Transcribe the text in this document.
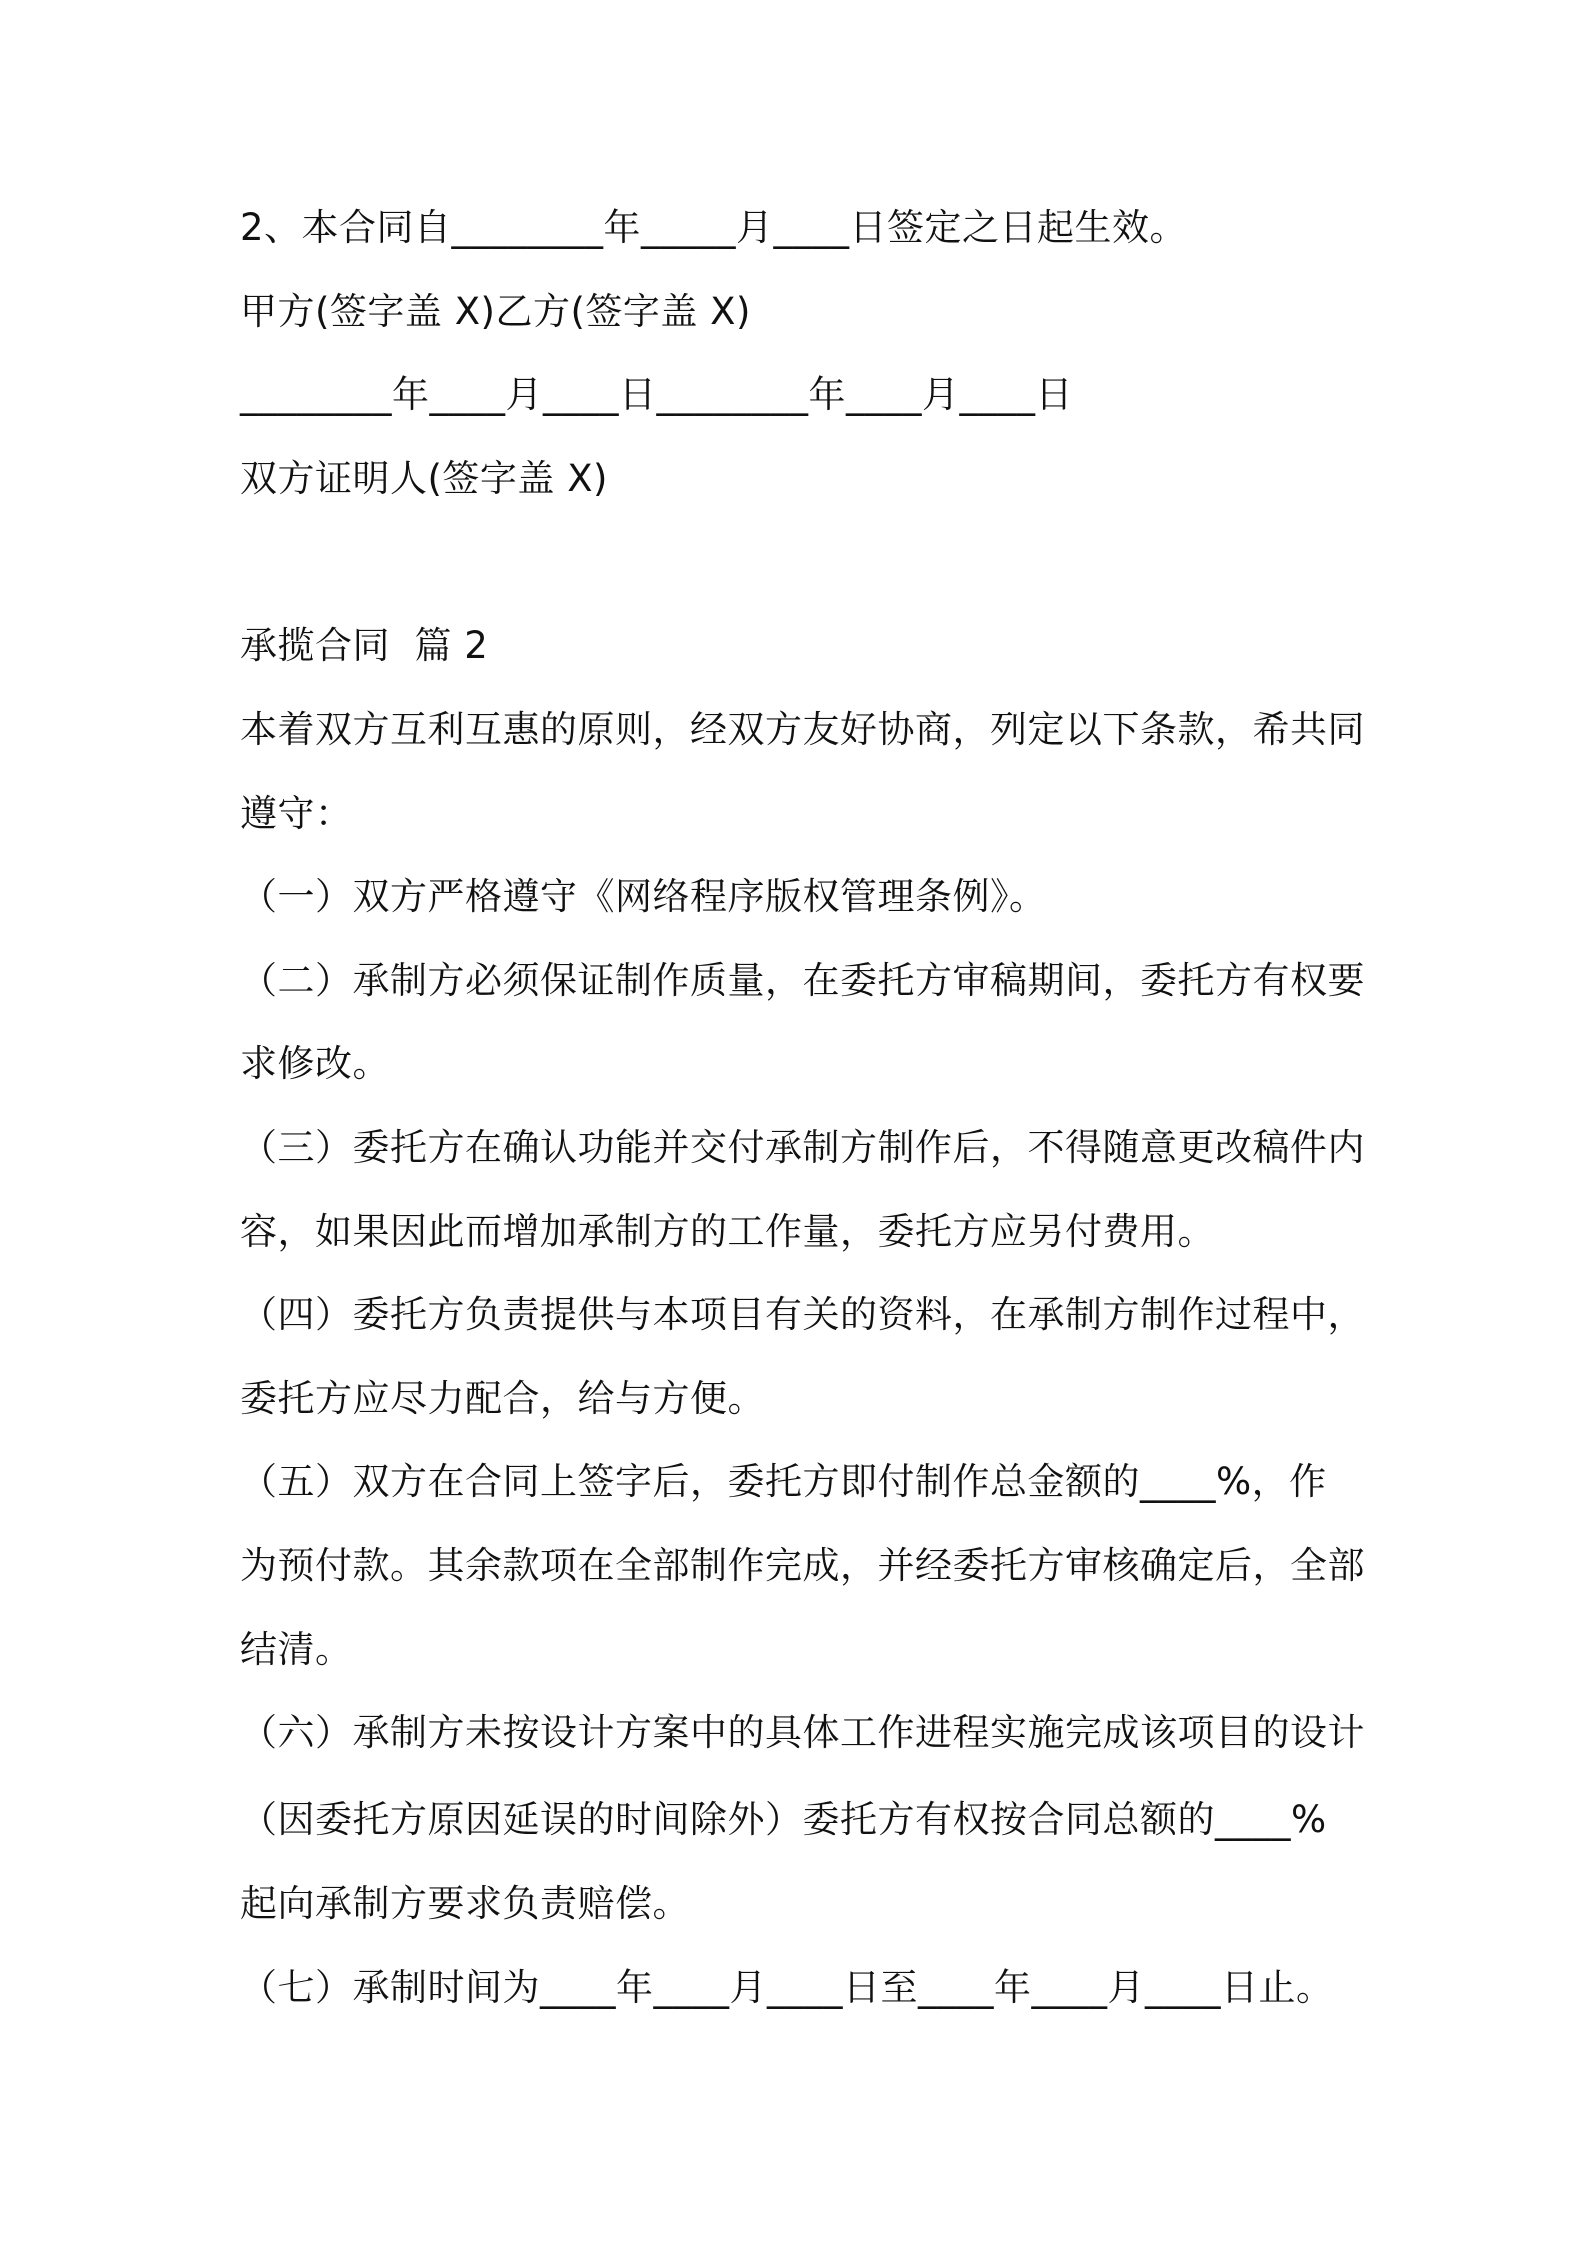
2、本合同自________年_____月____日签定之日起生效。

甲方(签字盖 X)乙方(签字盖 X)

________年____月____日________年____月____日

双方证明人(签字盖 X)

承揽合同  篇 2

本着双方互利互惠的原则，经双方友好协商，列定以下条款，希共同

遵守：

（一）双方严格遵守《网络程序版权管理条例》。

（二）承制方必须保证制作质量，在委托方审稿期间，委托方有权要

求修改。

（三）委托方在确认功能并交付承制方制作后，不得随意更改稿件内

容，如果因此而增加承制方的工作量，委托方应另付费用。

（四）委托方负责提供与本项目有关的资料，在承制方制作过程中，

委托方应尽力配合，给与方便。

（五）双方在合同上签字后，委托方即付制作总金额的____%，作

为预付款。其余款项在全部制作完成，并经委托方审核确定后，全部

结清。

（六）承制方未按设计方案中的具体工作进程实施完成该项目的设计

（因委托方原因延误的时间除外）委托方有权按合同总额的____%

起向承制方要求负责赔偿。

（七）承制时间为____年____月____日至____年____月____日止。
